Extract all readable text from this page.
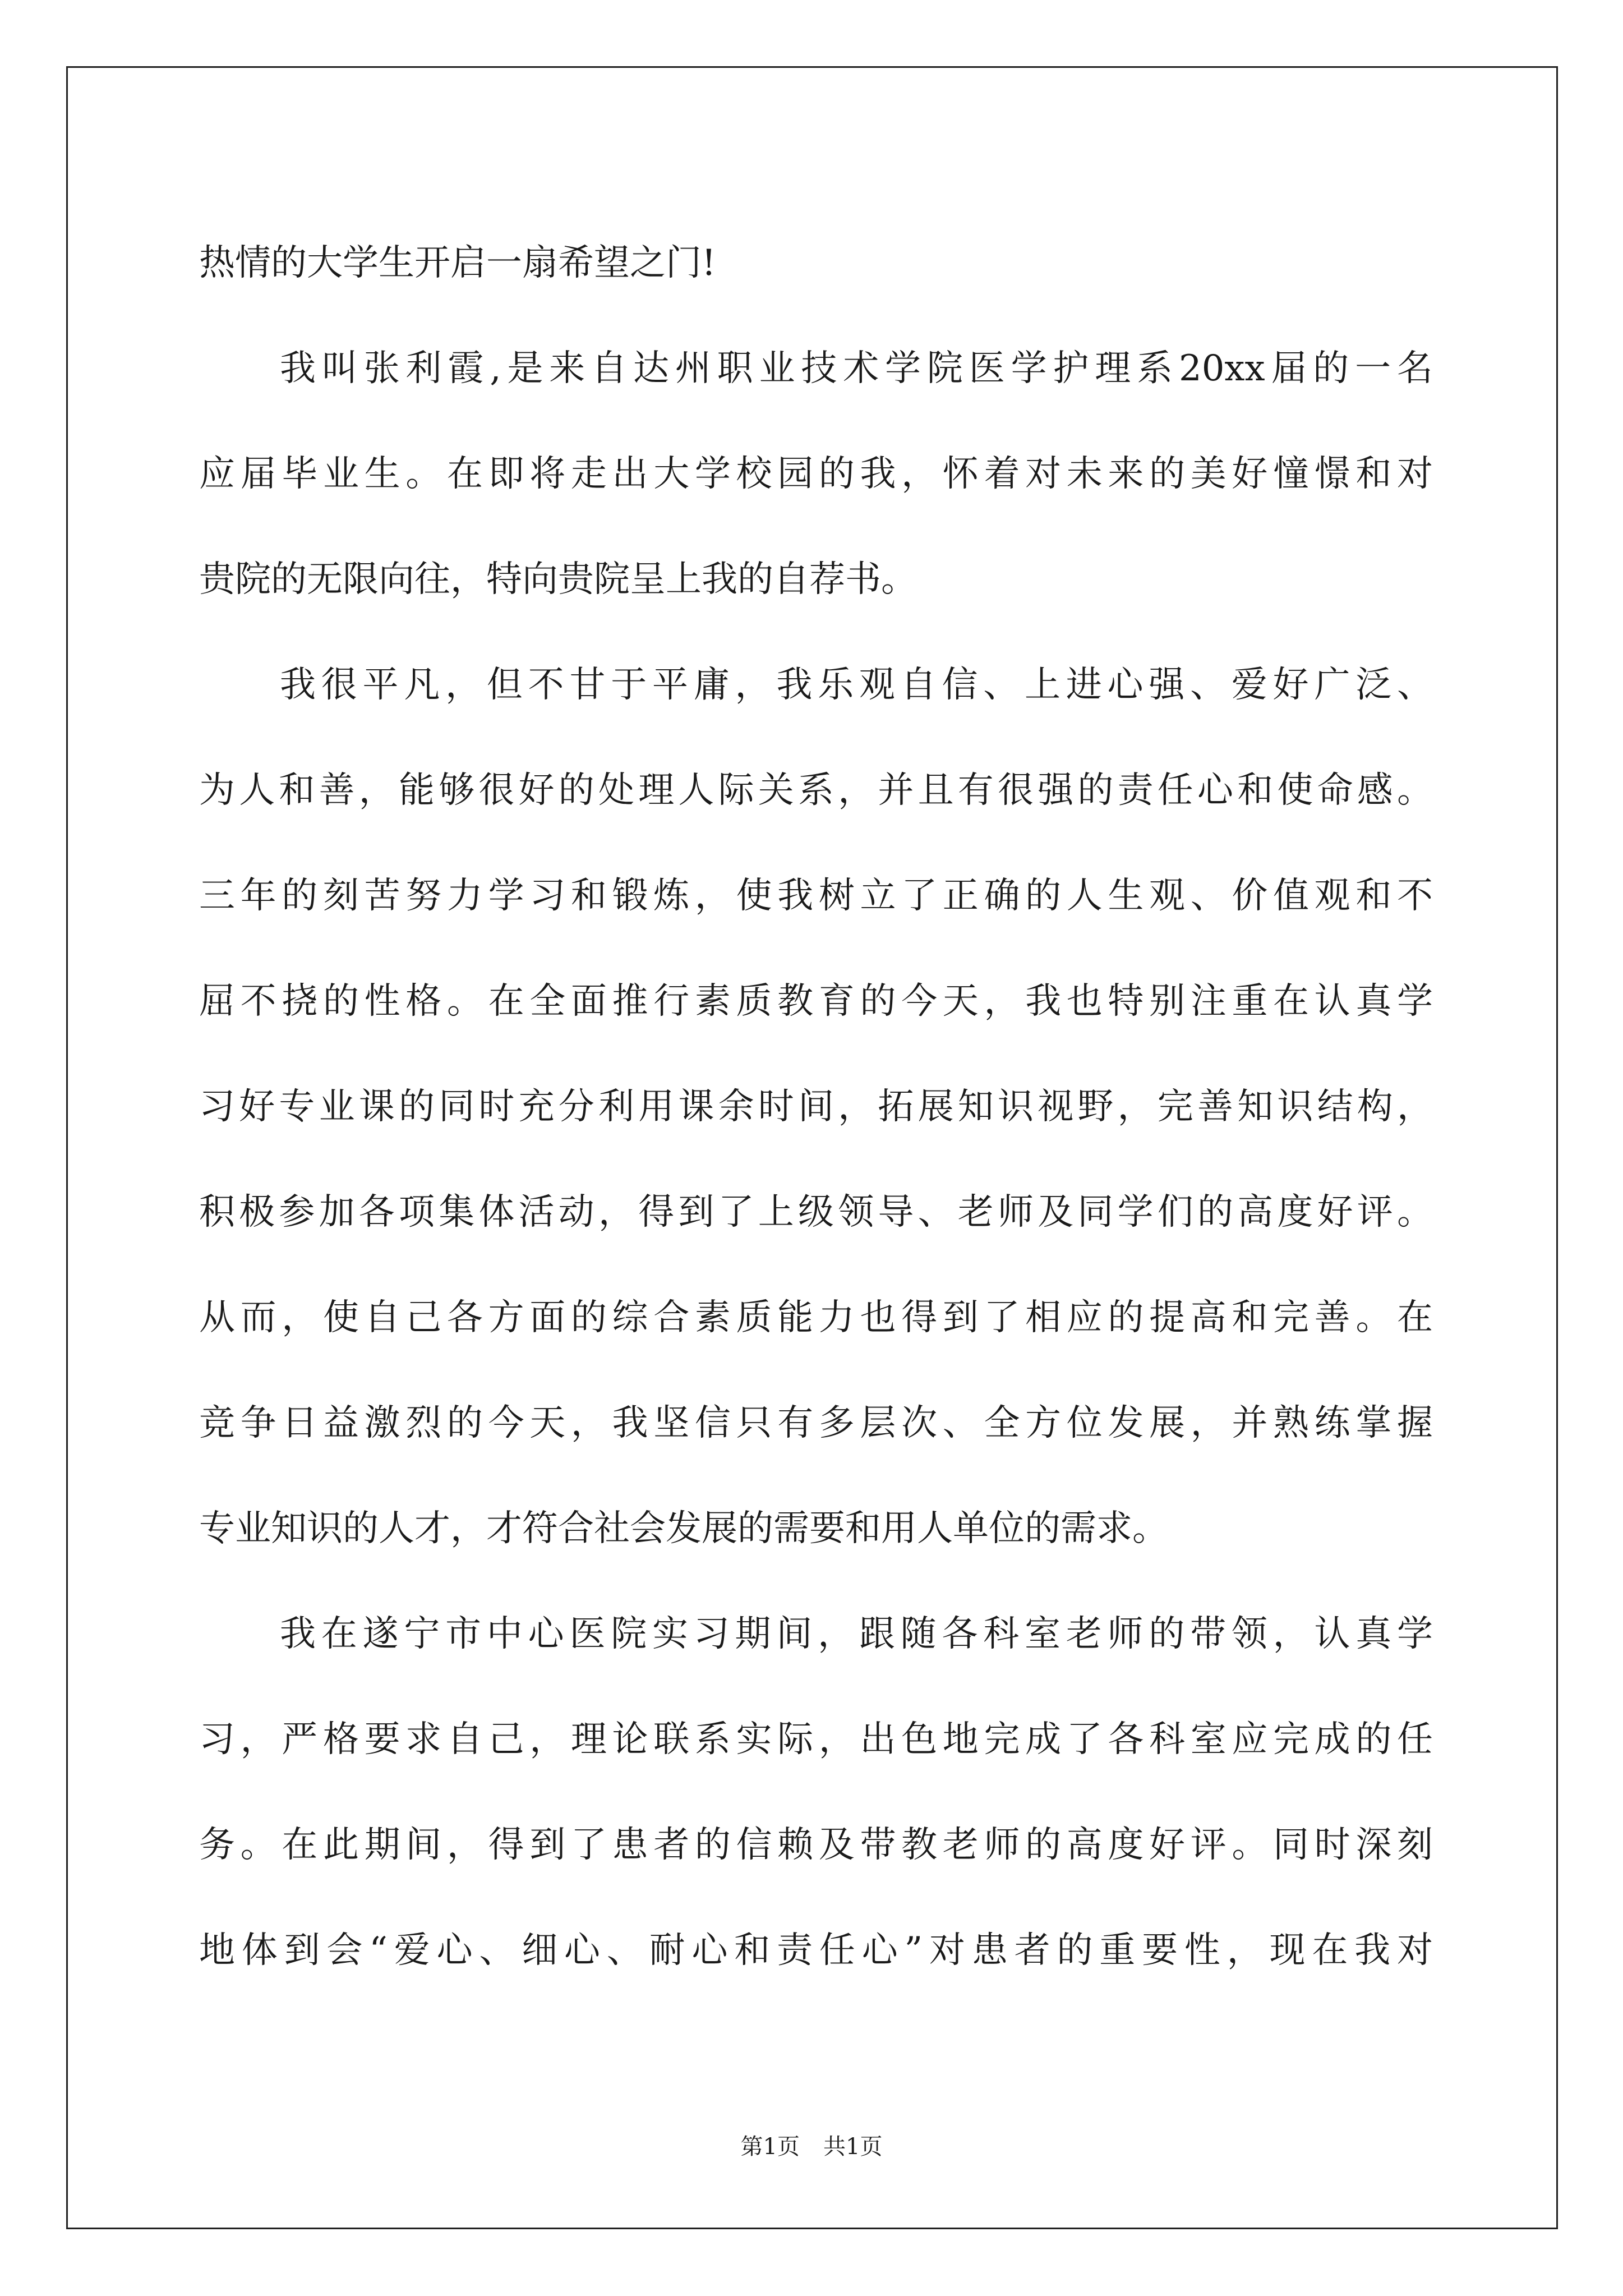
热情的大学生开启一扇希望之门!
我叫张利霞,是来自达州职业技术学院医学护理系20xx届的一名
应届毕业生。在即将走出大学校园的我，怀着对未来的美好憧憬和对
贵院的无限向往，特向贵院呈上我的自荐书。
我很平凡，但不甘于平庸，我乐观自信、上进心强、爱好广泛、
为人和善，能够很好的处理人际关系，并且有很强的责任心和使命感。
三年的刻苦努力学习和锻炼，使我树立了正确的人生观、价值观和不
屈不挠的性格。在全面推行素质教育的今天，我也特别注重在认真学
习好专业课的同时充分利用课余时间，拓展知识视野，完善知识结构，
积极参加各项集体活动，得到了上级领导、老师及同学们的高度好评。
从而，使自己各方面的综合素质能力也得到了相应的提高和完善。在
竞争日益激烈的今天，我坚信只有多层次、全方位发展，并熟练掌握
专业知识的人才，才符合社会发展的需要和用人单位的需求。
我在遂宁市中心医院实习期间，跟随各科室老师的带领，认真学
习，严格要求自己，理论联系实际，出色地完成了各科室应完成的任
务。在此期间，得到了患者的信赖及带教老师的高度好评。同时深刻
地体到会“爱心、细心、耐心和责任心”对患者的重要性，现在我对
第1页 共1页
